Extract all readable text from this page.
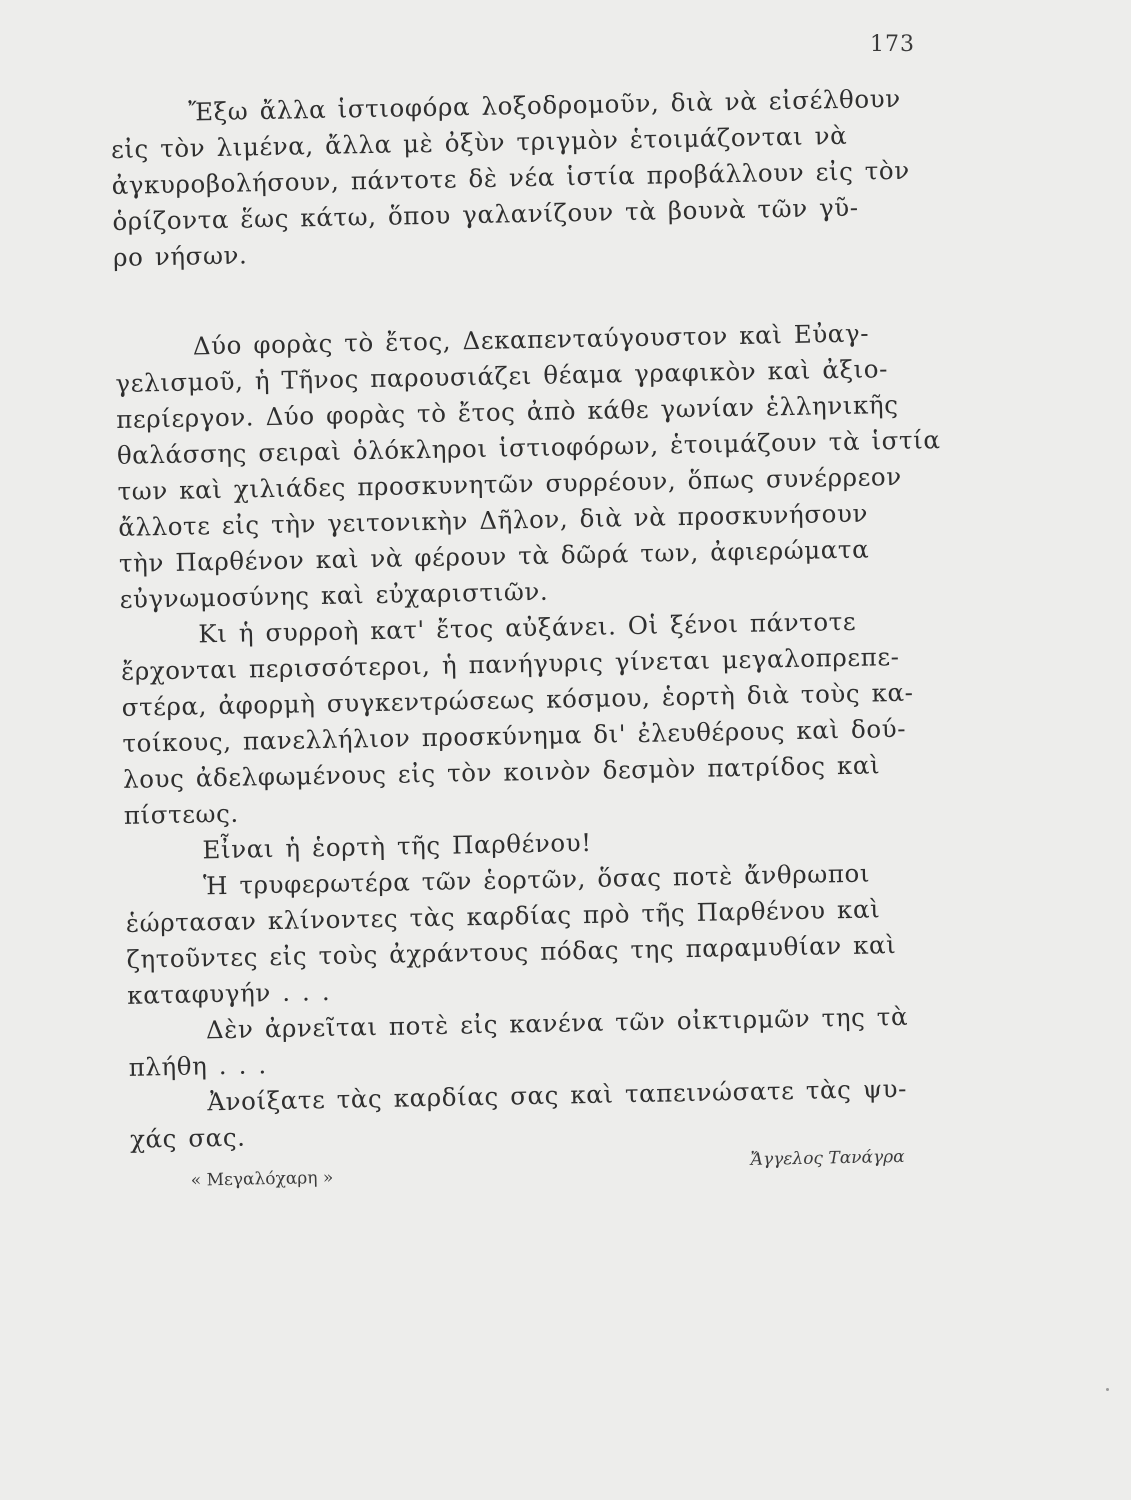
173
Ἔξω ἄλλα ἱστιοφόρα λοξοδρομοῦν, διὰ νὰ εἰσέλθουν
εἰς τὸν λιμένα, ἄλλα μὲ ὀξὺν τριγμὸν ἑτοιμάζονται νὰ
ἀγκυροβολήσουν, πάντοτε δὲ νέα ἱστία προβάλλουν εἰς τὸν
ὁρίζοντα ἕως κάτω, ὅπου γαλανίζουν τὰ βουνὰ τῶν γῦ-
ρο νήσων.
Δύο φορὰς τὸ ἔτος, Δεκαπενταύγουστον καὶ Εὐαγ-
γελισμοῦ, ἡ Τῆνος παρουσιάζει θέαμα γραφικὸν καὶ ἀξιο-
περίεργον. Δύο φορὰς τὸ ἔτος ἀπὸ κάθε γωνίαν ἑλληνικῆς
θαλάσσης σειραὶ ὁλόκληροι ἱστιοφόρων, ἑτοιμάζουν τὰ ἱστία
των καὶ χιλιάδες προσκυνητῶν συρρέουν, ὅπως συνέρρεον
ἄλλοτε εἰς τὴν γειτονικὴν Δῆλον, διὰ νὰ προσκυνήσουν
τὴν Παρθένον καὶ νὰ φέρουν τὰ δῶρά των, ἀφιερώματα
εὐγνωμοσύνης καὶ εὐχαριστιῶν.
Κι ἡ συρροὴ κατ' ἔτος αὐξάνει. Οἱ ξένοι πάντοτε
ἔρχονται περισσότεροι, ἡ πανήγυρις γίνεται μεγαλοπρεπε-
στέρα, ἀφορμὴ συγκεντρώσεως κόσμου, ἑορτὴ διὰ τοὺς κα-
τοίκους, πανελλήλιον προσκύνημα δι' ἐλευθέρους καὶ δού-
λους ἀδελφωμένους εἰς τὸν κοινὸν δεσμὸν πατρίδος καὶ
πίστεως.
Εἶναι ἡ ἑορτὴ τῆς Παρθένου!
Ἡ τρυφερωτέρα τῶν ἑορτῶν, ὅσας ποτὲ ἄνθρωποι
ἑώρτασαν κλίνοντες τὰς καρδίας πρὸ τῆς Παρθένου καὶ
ζητοῦντες εἰς τοὺς ἀχράντους πόδας της παραμυθίαν καὶ
καταφυγήν . . .
Δὲν ἀρνεῖται ποτὲ εἰς κανένα τῶν οἰκτιρμῶν της τὰ
πλήθη . . .
Ἀνοίξατε τὰς καρδίας σας καὶ ταπεινώσατε τὰς ψυ-
χάς σας.
« Μεγαλόχαρη »
Ἄγγελος Τανάγρα
